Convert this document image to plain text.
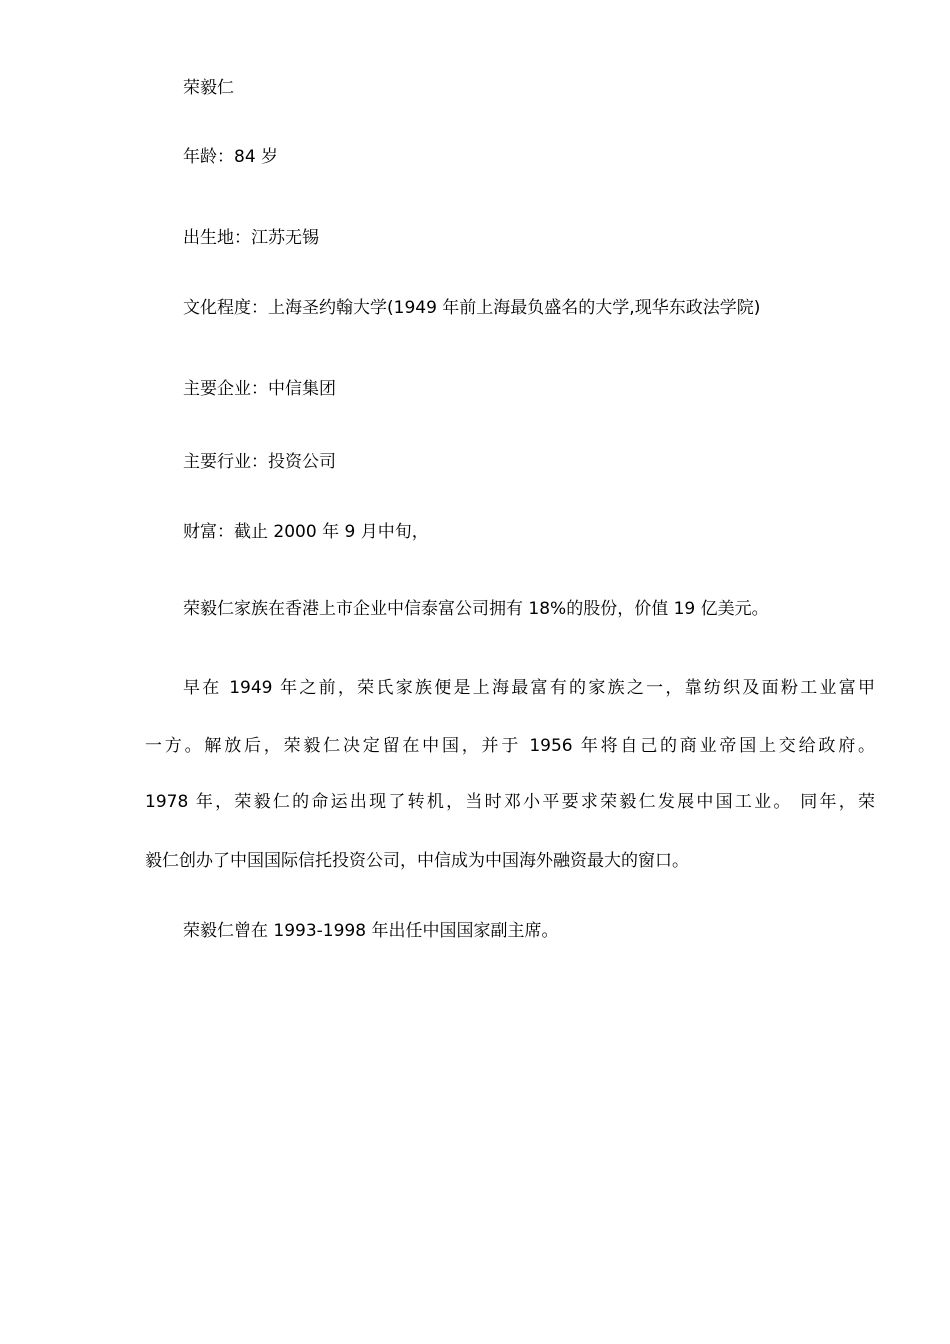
荣毅仁
年龄：84 岁
出生地：江苏无锡
文化程度：上海圣约翰大学(1949 年前上海最负盛名的大学,现华东政法学院)
主要企业：中信集团
主要行业：投资公司
财富：截止 2000 年 9 月中旬，
荣毅仁家族在香港上市企业中信泰富公司拥有 18%的股份，价值 19 亿美元。
早在 1949 年之前，荣氏家族便是上海最富有的家族之一，靠纺织及面粉工业富甲
一方。解放后，荣毅仁决定留在中国，并于 1956 年将自己的商业帝国上交给政府。
1978 年，荣毅仁的命运出现了转机，当时邓小平要求荣毅仁发展中国工业。 同年，荣
毅仁创办了中国国际信托投资公司，中信成为中国海外融资最大的窗口。
荣毅仁曾在 1993-1998 年出任中国国家副主席。
